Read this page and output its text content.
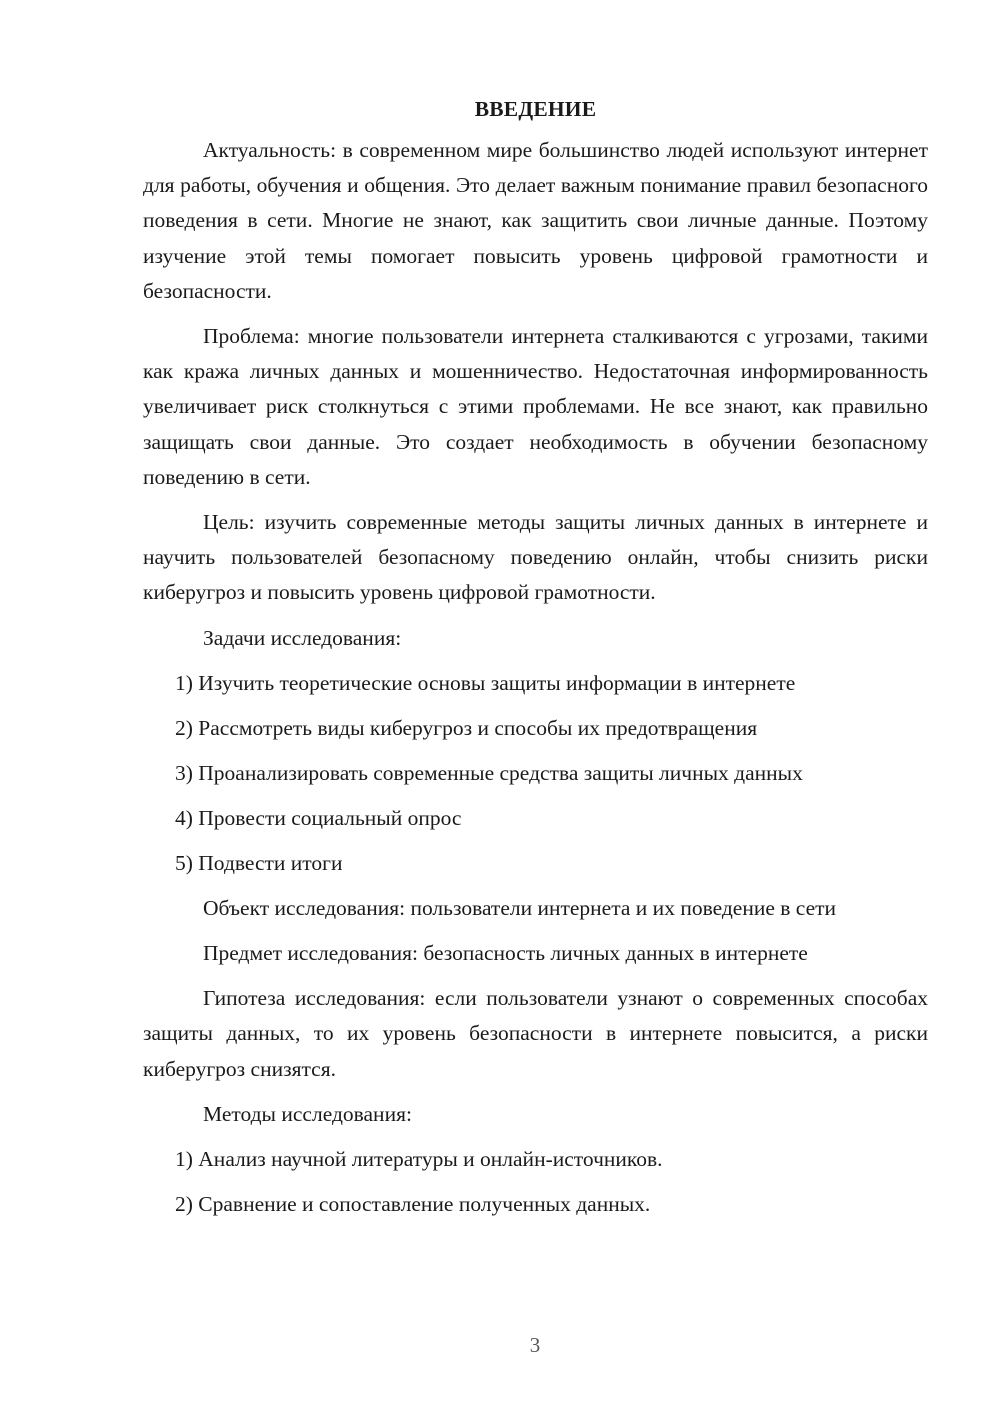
ВВЕДЕНИЕ

Актуальность: в современном мире большинство людей используют интернет для работы, обучения и общения. Это делает важным понимание правил безопасного поведения в сети. Многие не знают, как защитить свои личные данные. Поэтому изучение этой темы помогает повысить уровень цифровой грамотности и безопасности.

Проблема: многие пользователи интернета сталкиваются с угрозами, такими как кража личных данных и мошенничество. Недостаточная информированность увеличивает риск столкнуться с этими проблемами. Не все знают, как правильно защищать свои данные. Это создает необходимость в обучении безопасному поведению в сети.

Цель: изучить современные методы защиты личных данных в интернете и научить пользователей безопасному поведению онлайн, чтобы снизить риски киберугроз и повысить уровень цифровой грамотности.

Задачи исследования:

1) Изучить теоретические основы защиты информации в интернете
2) Рассмотреть виды киберугроз и способы их предотвращения
3) Проанализировать современные средства защиты личных данных
4) Провести социальный опрос
5) Подвести итоги

Объект исследования: пользователи интернета и их поведение в сети

Предмет исследования: безопасность личных данных в интернете

Гипотеза исследования: если пользователи узнают о современных способах защиты данных, то их уровень безопасности в интернете повысится, а риски киберугроз снизятся.

Методы исследования:

1) Анализ научной литературы и онлайн-источников.
2) Сравнение и сопоставление полученных данных.
3
